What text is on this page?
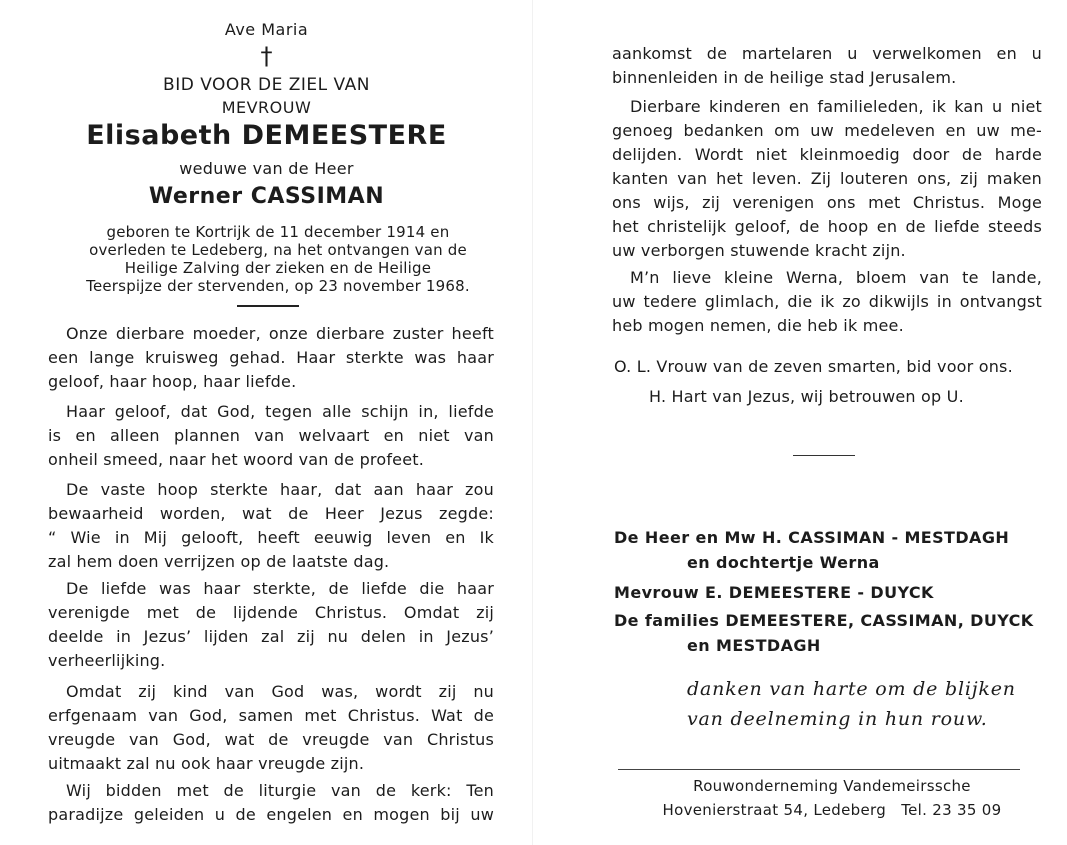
Ave Maria
†
BID VOOR DE ZIEL VAN
MEVROUW
Elisabeth DEMEESTERE
weduwe van de Heer
Werner CASSIMAN
geboren te Kortrijk de 11 december 1914 en
overleden te Ledeberg, na het ontvangen van de
Heilige Zalving der zieken en de Heilige
Teerspijze der stervenden, op 23 november 1968.
Onze dierbare moeder, onze dierbare zuster heeft
een lange kruisweg gehad. Haar sterkte was haar
geloof, haar hoop, haar liefde.
Haar geloof, dat God, tegen alle schijn in, liefde
is en alleen plannen van welvaart en niet van
onheil smeed, naar het woord van de profeet.
De vaste hoop sterkte haar, dat aan haar zou
bewaarheid worden, wat de Heer Jezus zegde:
“ Wie in Mij gelooft, heeft eeuwig leven en Ik
zal hem doen verrijzen op de laatste dag.
De liefde was haar sterkte, de liefde die haar
verenigde met de lijdende Christus. Omdat zij
deelde in Jezus’ lijden zal zij nu delen in Jezus’
verheerlijking.
Omdat zij kind van God was, wordt zij nu
erfgenaam van God, samen met Christus. Wat de
vreugde van God, wat de vreugde van Christus
uitmaakt zal nu ook haar vreugde zijn.
Wij bidden met de liturgie van de kerk: Ten
paradijze geleiden u de engelen en mogen bij uw
aankomst de martelaren u verwelkomen en u
binnenleiden in de heilige stad Jerusalem.
Dierbare kinderen en familieleden, ik kan u niet
genoeg bedanken om uw medeleven en uw me-
delijden. Wordt niet kleinmoedig door de harde
kanten van het leven. Zij louteren ons, zij maken
ons wijs, zij verenigen ons met Christus. Moge
het christelijk geloof, de hoop en de liefde steeds
uw verborgen stuwende kracht zijn.
M’n lieve kleine Werna, bloem van te lande,
uw tedere glimlach, die ik zo dikwijls in ontvangst
heb mogen nemen, die heb ik mee.
O. L. Vrouw van de zeven smarten, bid voor ons.
H. Hart van Jezus, wij betrouwen op U.
De Heer en Mw H. CASSIMAN - MESTDAGH
en dochtertje Werna
Mevrouw E. DEMEESTERE - DUYCK
De families DEMEESTERE, CASSIMAN, DUYCK
en MESTDAGH
danken van harte om de blijken
van deelneming in hun rouw.
Rouwonderneming Vandemeirssche
Hovenierstraat 54, Ledeberg   Tel. 23 35 09
